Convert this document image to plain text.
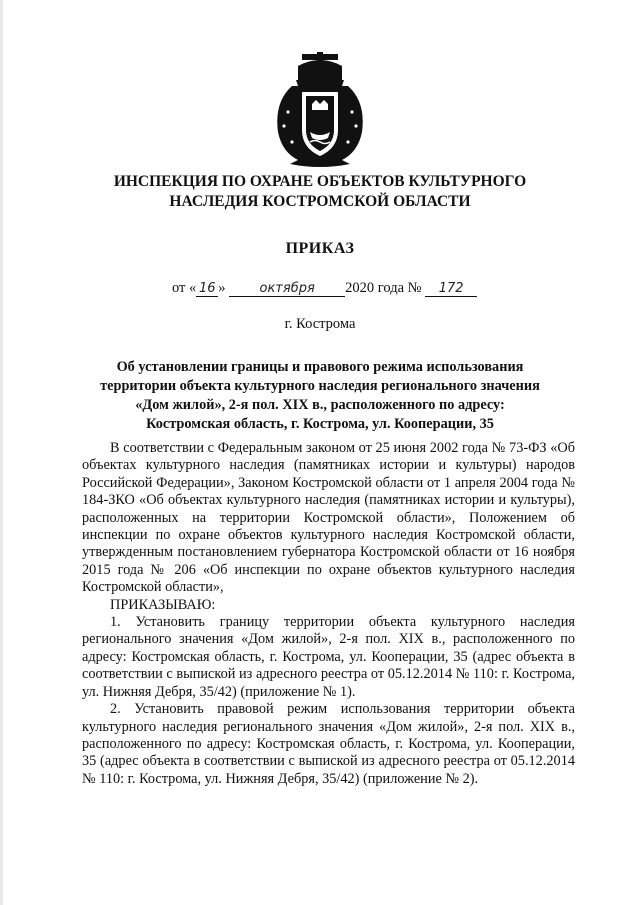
ИНСПЕКЦИЯ ПО ОХРАНЕ ОБЪЕКТОВ КУЛЬТУРНОГО
НАСЛЕДИЯ КОСТРОМСКОЙ ОБЛАСТИ
ПРИКАЗ
от « 16 »	октября 2020 года № 172
г. Кострома
Об установлении границы и правового режима использования
территории объекта культурного наследия регионального значения
«Дом жилой», 2-я пол. XIX в., расположенного по адресу:
Костромская область, г. Кострома, ул. Кооперации, 35

В соответствии с Федеральным законом от 25 июня 2002 года № 73-ФЗ «Об объектах культурного наследия (памятниках истории и культуры) народов Российской Федерации», Законом Костромской области от 1 апреля 2004 года № 184-ЗКО «Об объектах культурного наследия (памятниках истории и культуры), расположенных на территории Костромской области», Положением об инспекции по охране объектов культурного наследия Костромской области, утвержденным постановлением губернатора Костромской области от 16 ноября 2015 года № 206 «Об инспекции по охране объектов культурного наследия Костромской области»,

ПРИКАЗЫВАЮ:

1. Установить границу территории объекта культурного наследия регионального значения «Дом жилой», 2-я пол. XIX в., расположенного по адресу: Костромская область, г. Кострома, ул. Кооперации, 35 (адрес объекта в соответствии с выпиской из адресного реестра от 05.12.2014 № 110: г. Кострома, ул. Нижняя Дебря, 35/42) (приложение № 1).

2. Установить правовой режим использования территории объекта культурного наследия регионального значения «Дом жилой», 2-я пол. XIX в., расположенного по адресу: Костромская область, г. Кострома, ул. Кооперации, 35 (адрес объекта в соответствии с выпиской из адресного реестра от 05.12.2014 № 110: г. Кострома, ул. Нижняя Дебря, 35/42) (приложение № 2).
